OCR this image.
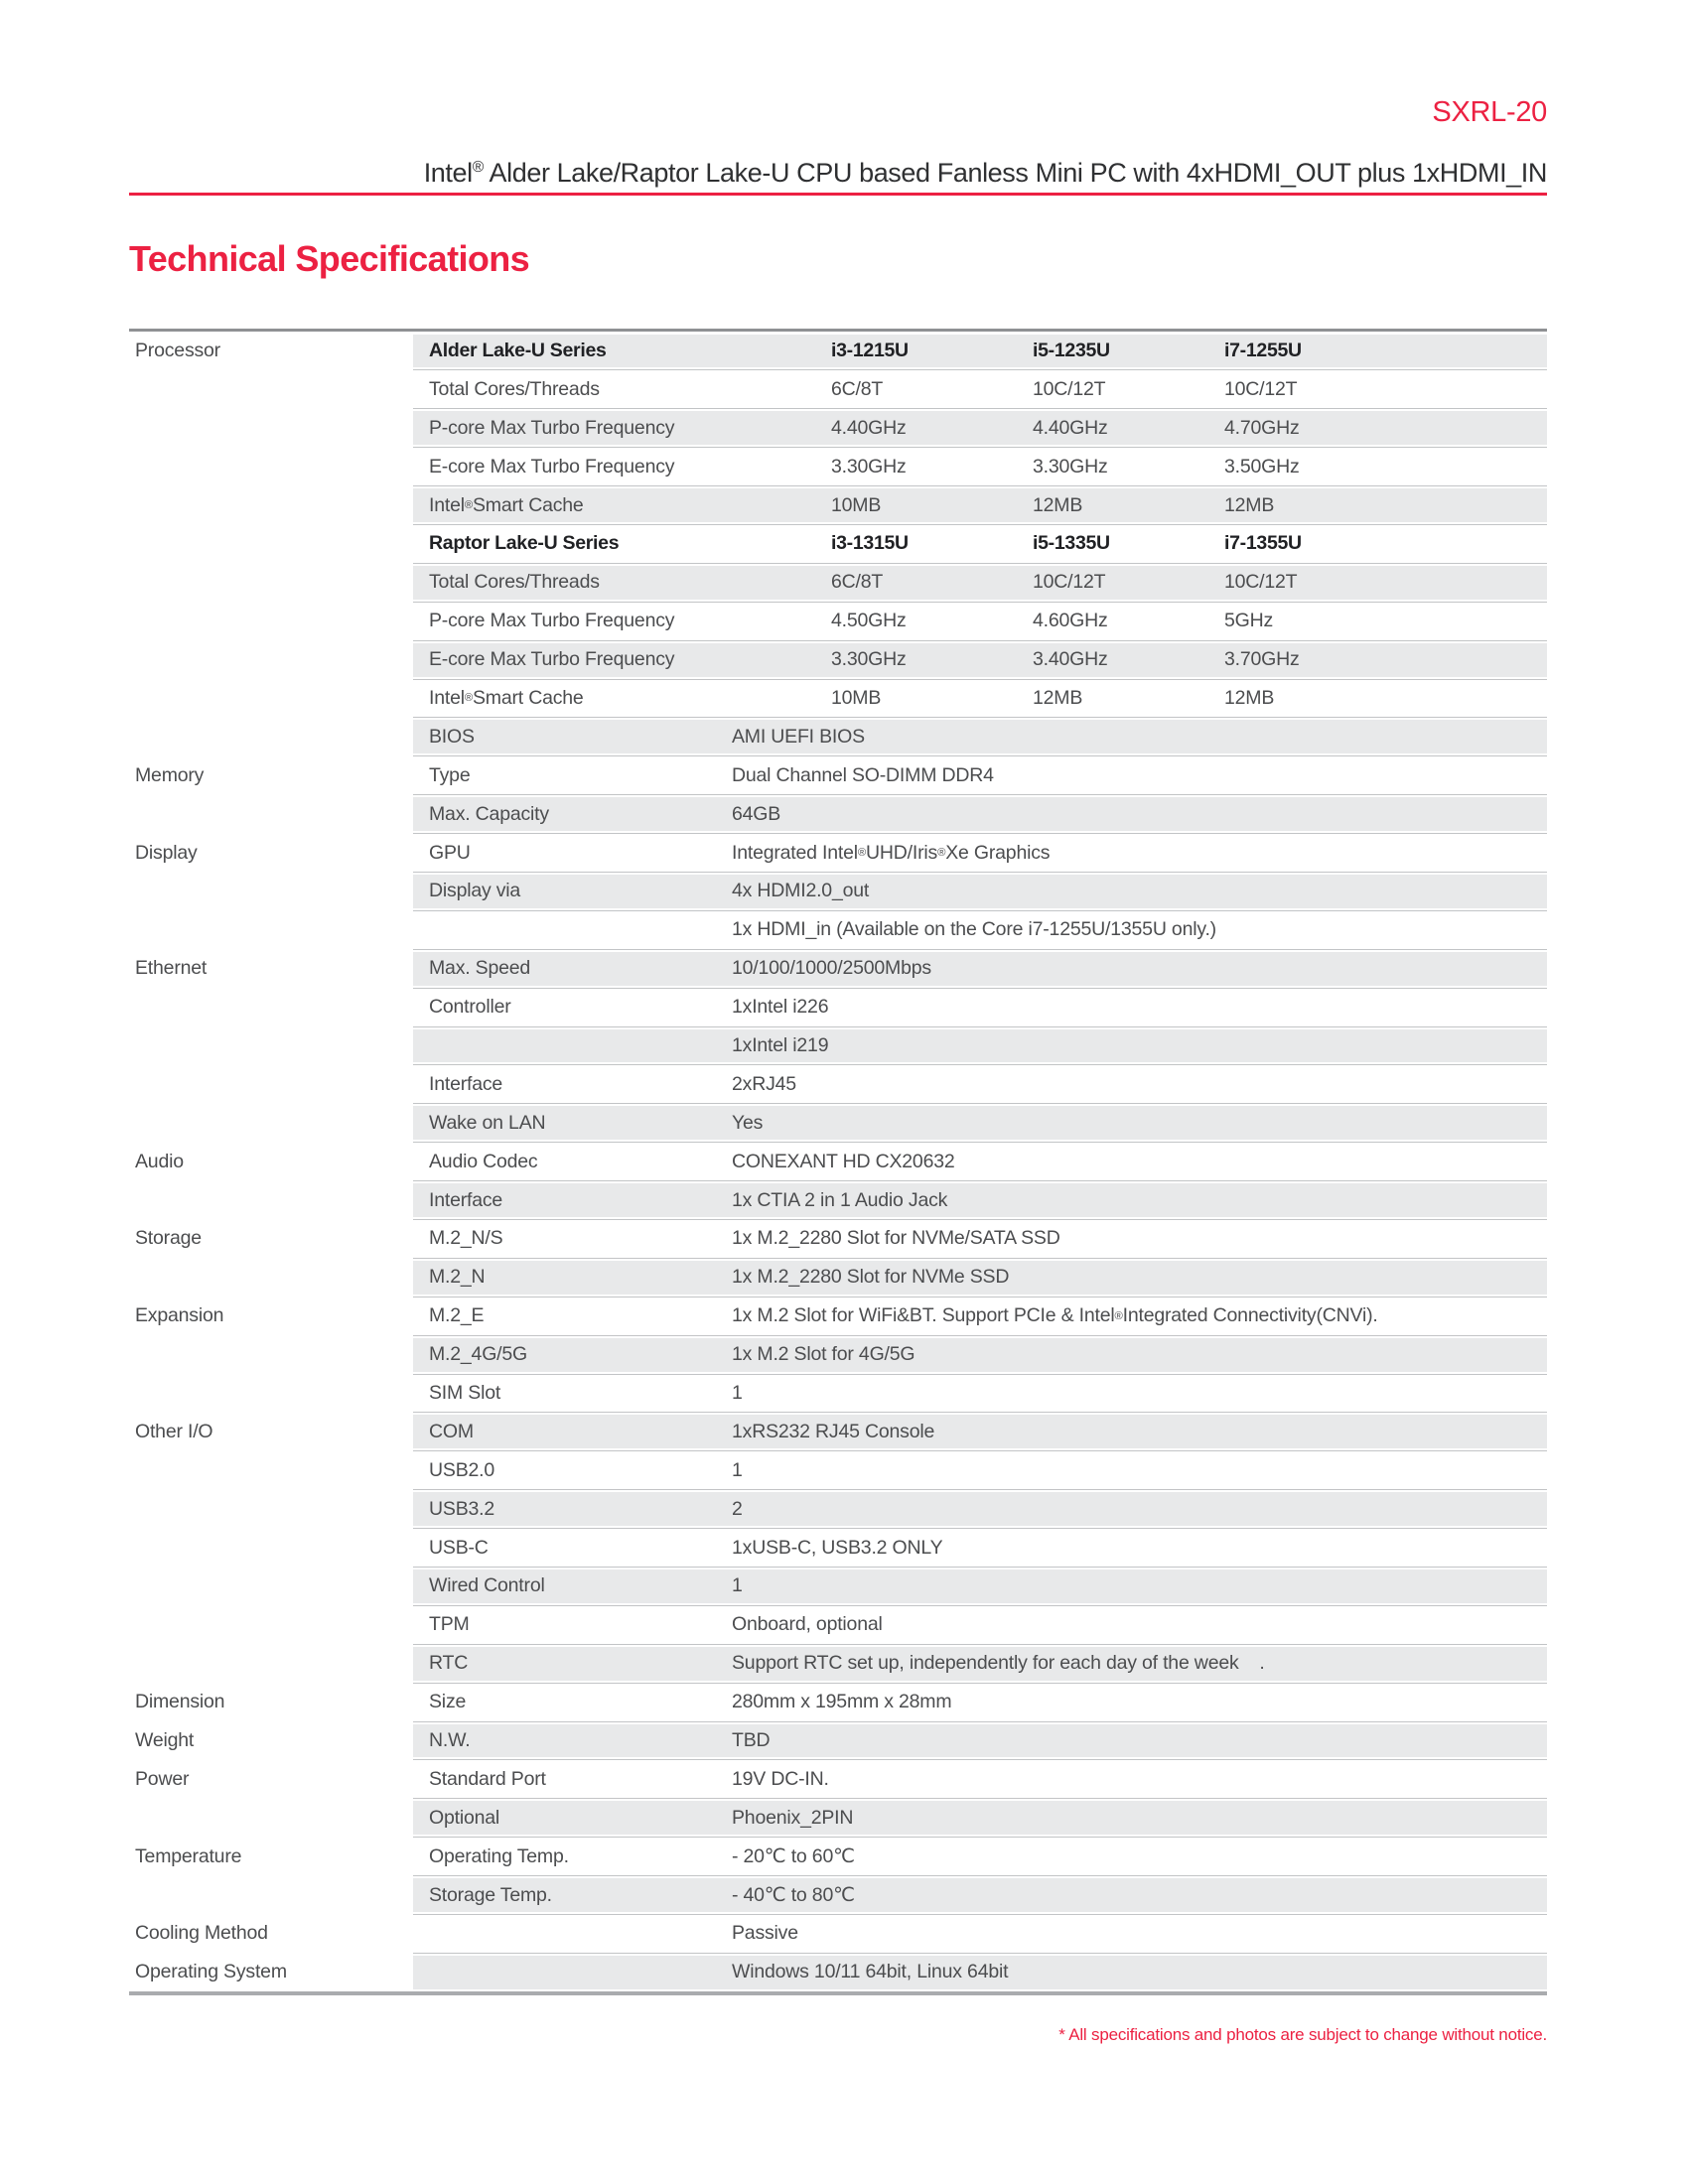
SXRL-20
Intel® Alder Lake/Raptor Lake-U CPU based Fanless Mini PC with 4xHDMI_OUT plus 1xHDMI_IN
Technical Specifications
Processor	Alder Lake-U Series	i3-1215U	i5-1235U	i7-1255U
Total Cores/Threads	6C/8T	10C/12T	10C/12T
P-core Max Turbo Frequency	4.40GHz	4.40GHz	4.70GHz
E-core Max Turbo Frequency	3.30GHz	3.30GHz	3.50GHz
Intel ® Smart Cache	10MB	12MB	12MB
Raptor Lake-U Series	i3-1315U	i5-1335U	i7-1355U
Total Cores/Threads	6C/8T	10C/12T	10C/12T
P-core Max Turbo Frequency	4.50GHz	4.60GHz	5GHz
E-core Max Turbo Frequency	3.30GHz	3.40GHz	3.70GHz
Intel ® Smart Cache	10MB	12MB	12MB
BIOS	AMI UEFI BIOS
Memory	Type	Dual Channel SO-DIMM DDR4
Max. Capacity	64GB
Display	GPU	Integrated Intel ® UHD/Iris ® Xe Graphics
Display via	4x HDMI2.0_out
1x HDMI_in (Available on the Core i7-1255U/1355U only.)
Ethernet	Max. Speed	10/100/1000/2500Mbps
Controller	1xIntel i226
1xIntel i219
Interface	2xRJ45
Wake on LAN	Yes
Audio	Audio Codec	CONEXANT HD CX20632
Interface	1x CTIA 2 in 1 Audio Jack
Storage	M.2_N/S	1x M.2_2280 Slot for NVMe/SATA SSD
M.2_N	1x M.2_2280 Slot for NVMe SSD
Expansion	M.2_E	1x M.2 Slot for WiFi&BT. Support PCIe & Intel ® Integrated Connectivity(CNVi).
M.2_4G/5G	1x M.2 Slot for 4G/5G
SIM Slot	1
Other I/O	COM	1xRS232 RJ45 Console
USB2.0	1
USB3.2	2
USB-C	1xUSB-C, USB3.2 ONLY
Wired Control	1
TPM	Onboard, optional
RTC	Support RTC set up, independently for each day of the week    .
Dimension	Size	280mm x 195mm x 28mm
Weight	N.W.	TBD
Power	Standard Port	19V DC-IN.
Optional	Phoenix_2PIN
Temperature	Operating Temp.	- 20℃ to 60℃
Storage Temp.	- 40℃ to 80℃
Cooling Method	Passive
Operating System	Windows 10/11 64bit, Linux 64bit
* All specifications and photos are subject to change without notice.
